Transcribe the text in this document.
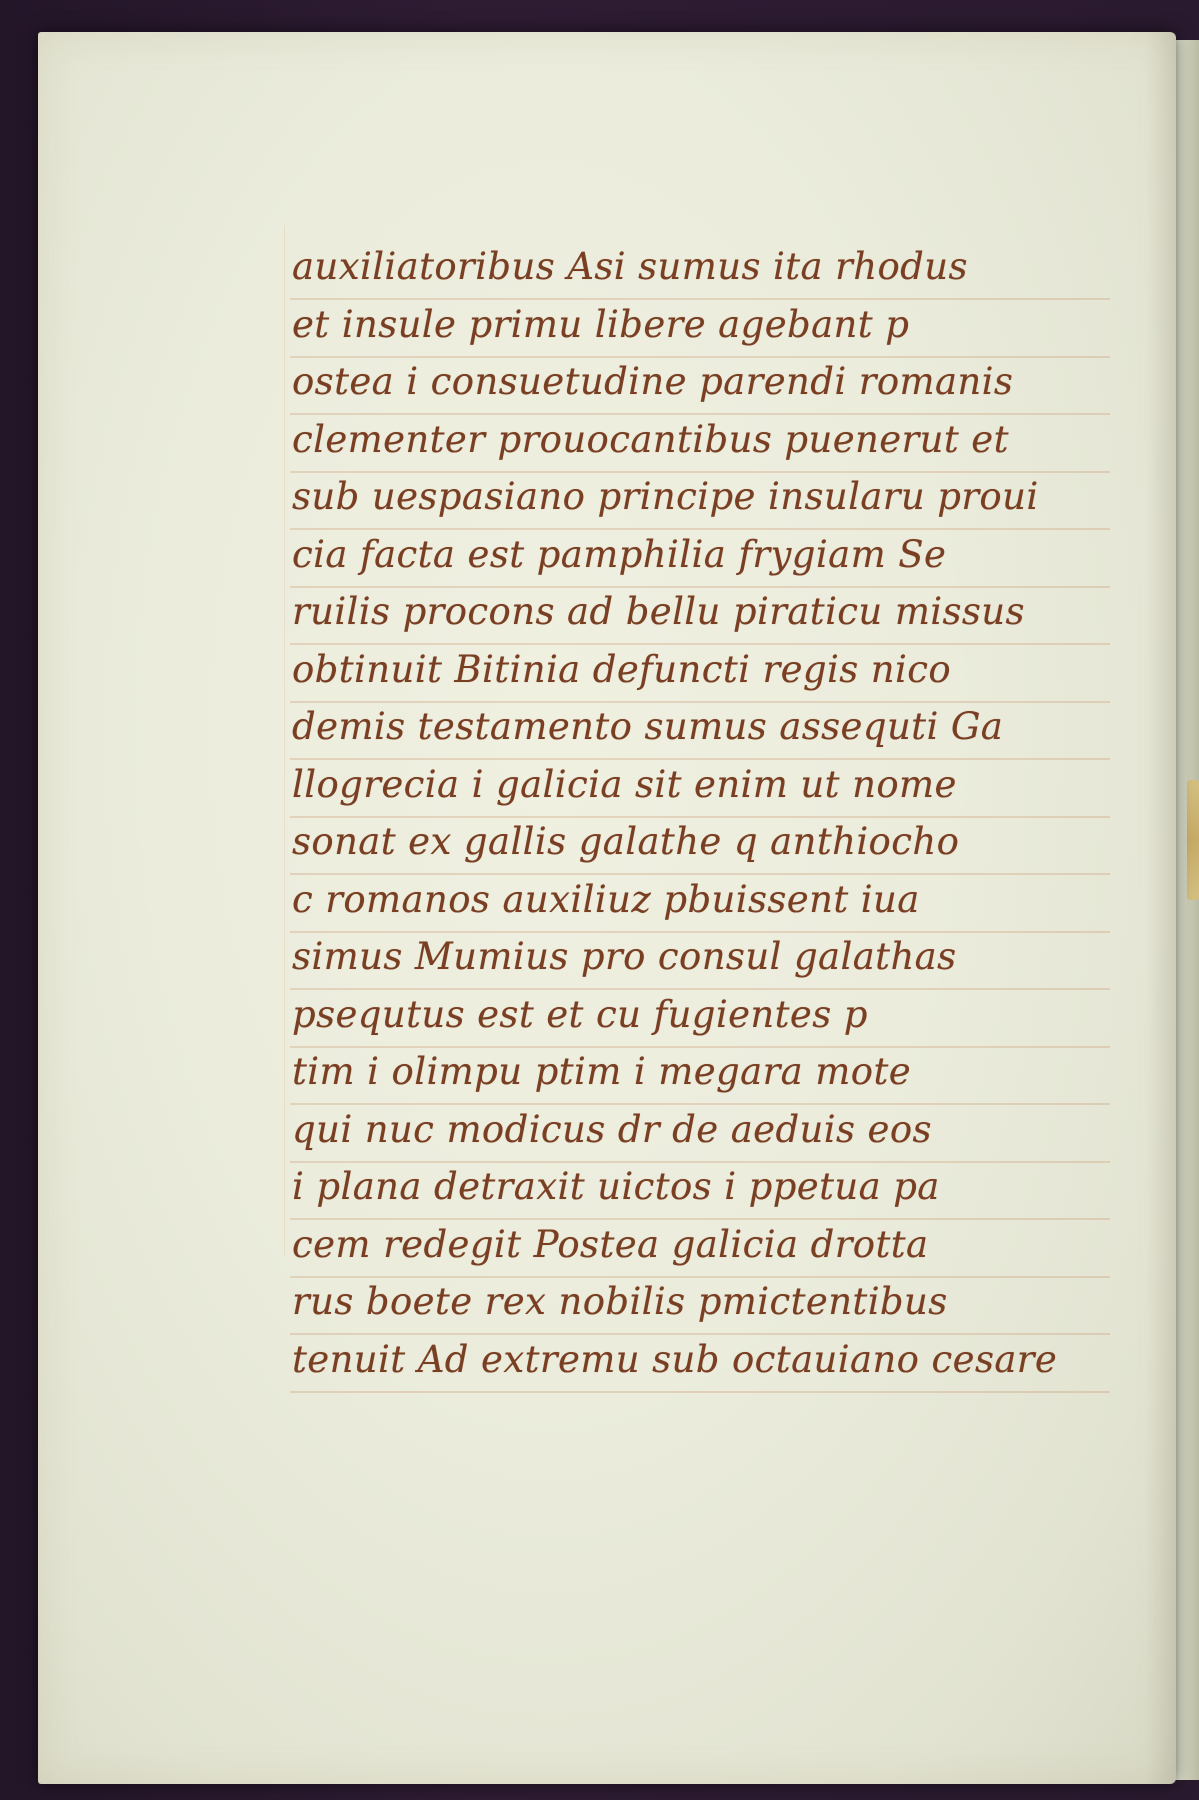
auxiliatoribus Asi sumus ita rhodus
et insule primu libere agebant p
ostea i consuetudine parendi romanis
clementer prouocantibus puenerut et
sub uespasiano principe insularu proui
cia facta est pamphilia frygiam Se
ruilis procons ad bellu piraticu missus
obtinuit Bitinia defuncti regis nico
demis testamento sumus assequti Ga
llogrecia i galicia sit enim ut nome
sonat ex gallis galathe q anthiocho
c romanos auxiliuz pbuissent iua
simus Mumius pro consul galathas
psequtus est et cu fugientes p
tim i olimpu ptim i megara mote
qui nuc modicus dr de aeduis eos
i plana detraxit uictos i ppetua pa
cem redegit Postea galicia drotta
rus boete rex nobilis pmictentibus
tenuit Ad extremu sub octauiano cesare
